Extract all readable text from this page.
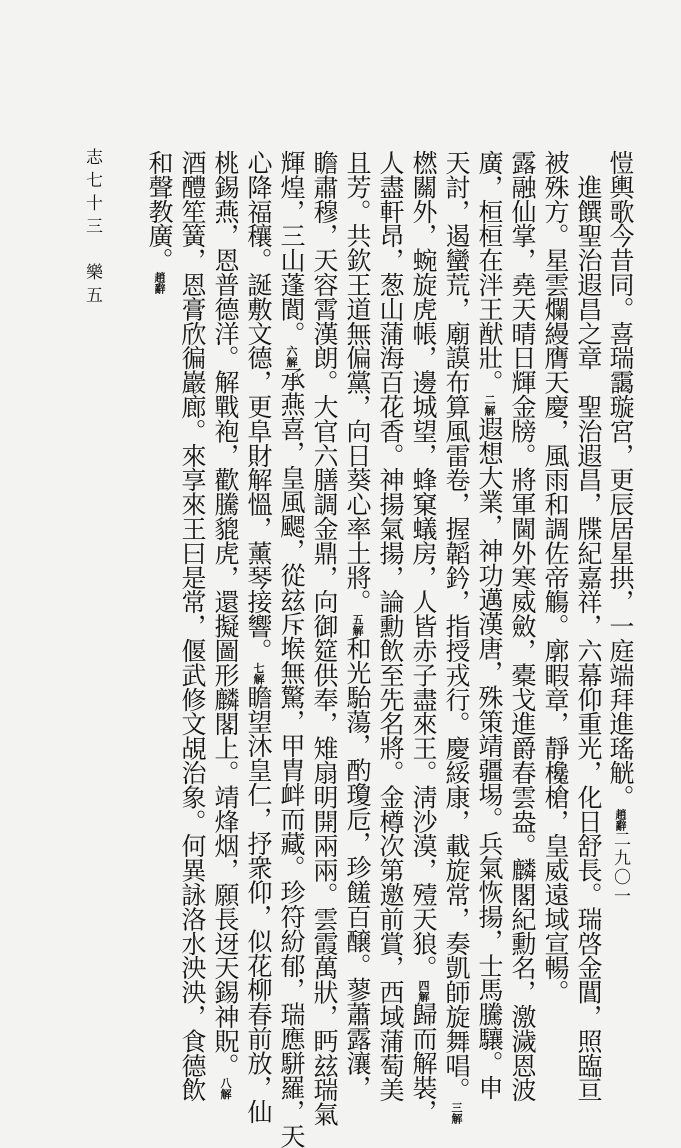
愷輿歌今昔同。喜瑞靄璇宮，更辰居星拱，一庭端拜進瑤觥。趙辭
　進饌聖治遐昌之章　聖治遐昌，牒紀嘉祥，六幕仰重光，化日舒長。瑞啓金閶，照臨亘
被殊方。星雲爛縵膺天慶，風雨和調佐帝觴。廓睱章，靜欃槍，皇威遠域宣暢。
露融仙掌，堯天晴日輝金牓。將軍閫外寒威斂，橐戈進爵春雲盎。麟閣紀勳名，激濊恩波
廣，桓桓在泮王猷壯。二解遐想大業，神功邁漢唐，殊策靖疆埸。兵氣恢揚，士馬騰驤。申
天討，遏蠻荒，廟謨布算風雷卷，握韜鈐，指授戎行。慶綏康，載旋常，奏凱師旋舞唱。三解
橪關外，蜿旋虎帳，邊城望，蜂窠蟻房，人皆赤子盡來王。淸沙漠，殪天狼。四解歸而解裝，
人盡軒昂，葱山蒲海百花香。神揚氣揚，論勳飲至先名將。金樽次第邀前賞，西域蒲萄美
且芳。共欽王道無偏黨，向日葵心率土將。五解和光駘蕩，酌瓊卮，珍饈百醸。蓼蕭露瀼，
瞻肅穆，天容霄漢朗。大官六膳調金鼎，向御筵供奉，雉扇明開兩兩。雲霞萬狀，眄玆瑞氣
輝煌，三山蓬閬。六解承燕喜，皇風颸，從玆斥堠無驚，甲胄衅而藏。珍符紛郁，瑞應駢羅，天
心降福穰。誕敷文德，更阜財解慍，薰琴接響。七解瞻望沐皇仁，抒衆仰，似花柳春前放，仙
桃錫燕，恩普德洋。解戰袍，歡騰貔虎，還擬圖形麟閣上。靖烽烟，願長迓天錫神貺。八解
酒醴笙簧，恩膏欣徧巖廊。來享來王曰是常，偃武修文覘治象。何異詠洛水泱泱，食德飲
和聲教廣。趙辭
志七十三　樂五
二九〇一
